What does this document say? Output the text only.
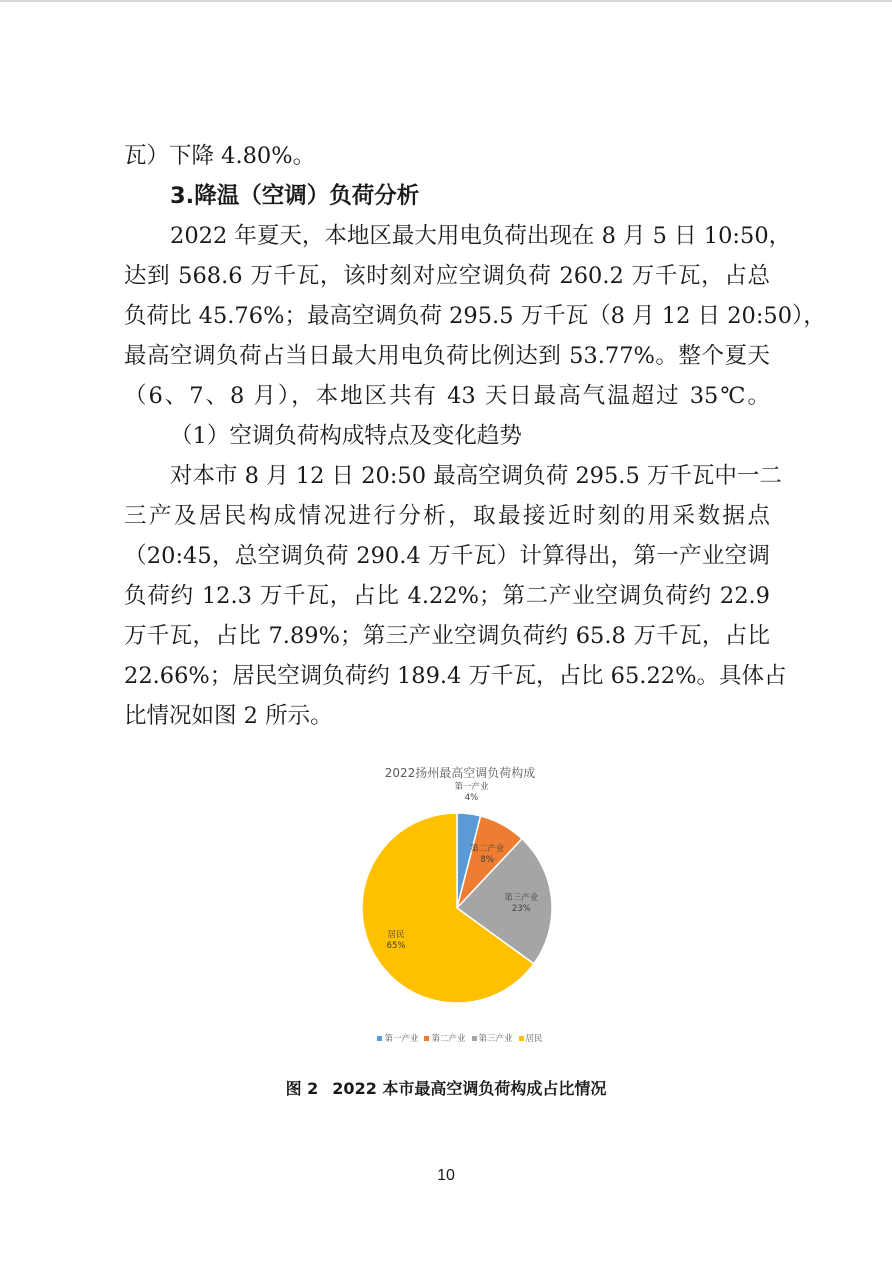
瓦）下降 4.80%。
3.降温（空调）负荷分析
2022 年夏天，本地区最大用电负荷出现在 8 月 5 日 10:50，
达到 568.6 万千瓦，该时刻对应空调负荷 260.2 万千瓦，占总
负荷比 45.76%；最高空调负荷 295.5 万千瓦（8 月 12 日 20:50），
最高空调负荷占当日最大用电负荷比例达到 53.77%。整个夏天
（6、7、8 月），本地区共有 43 天日最高气温超过 35℃。
（1）空调负荷构成特点及变化趋势
对本市 8 月 12 日 20:50 最高空调负荷 295.5 万千瓦中一二
三产及居民构成情况进行分析，取最接近时刻的用采数据点
（20:45，总空调负荷 290.4 万千瓦）计算得出，第一产业空调
负荷约 12.3 万千瓦，占比 4.22%；第二产业空调负荷约 22.9
万千瓦，占比 7.89%；第三产业空调负荷约 65.8 万千瓦，占比
22.66%；居民空调负荷约 189.4 万千瓦，占比 65.22%。具体占
比情况如图 2 所示。
2022扬州最高空调负荷构成
第一产业
4%
第二产业
8%
第三产业
23%
居民
65%
第一产业 第二产业 第三产业 居民
图 2 2022 本市最高空调负荷构成占比情况
10
